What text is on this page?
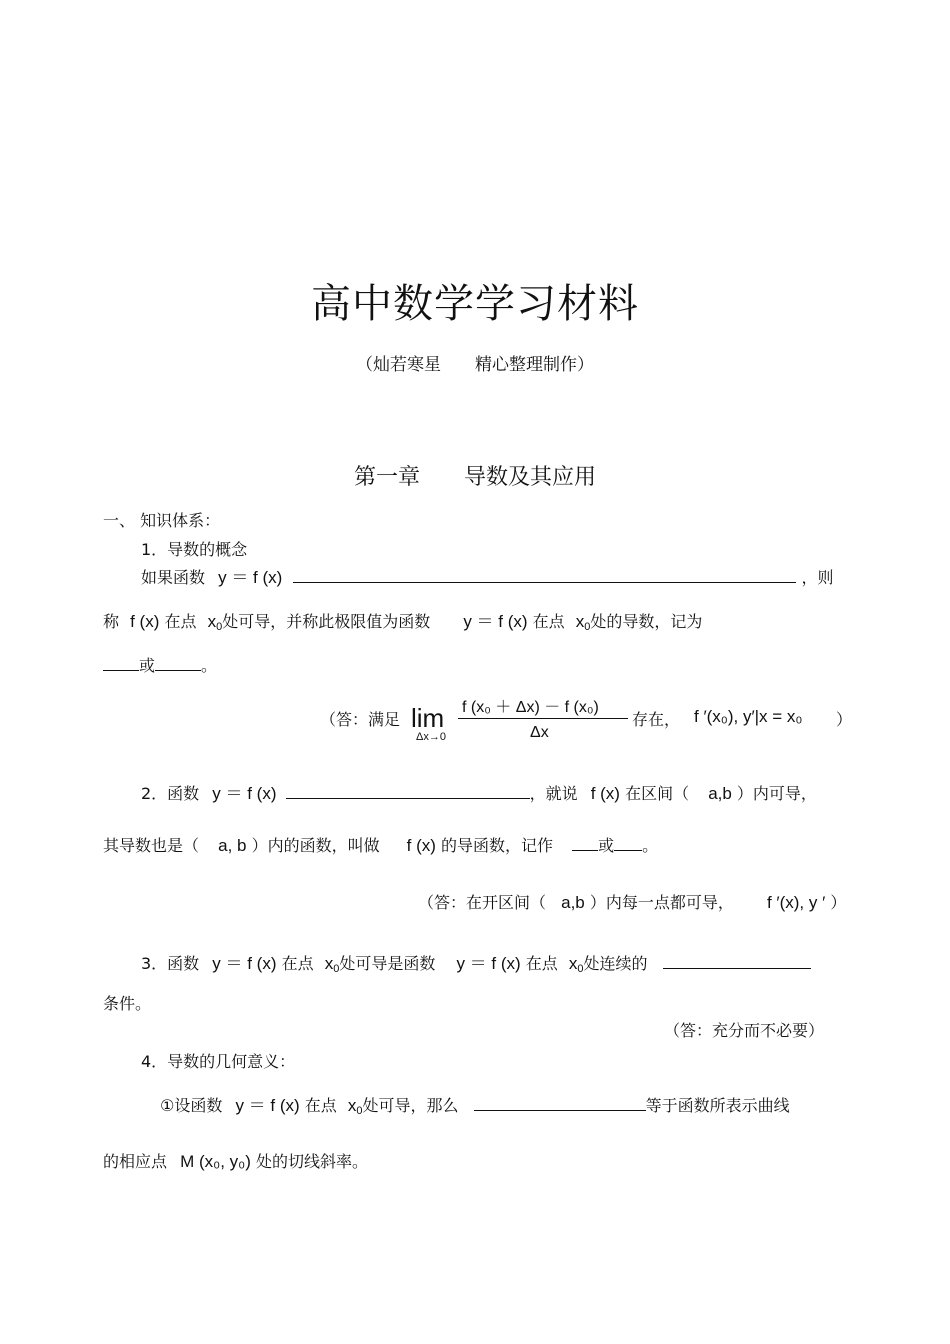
高中数学学习材料
（灿若寒星　　精心整理制作）
第一章　　导数及其应用
一、 知识体系：
1．导数的概念
如果函数 y ＝ f (x)	，则
称 f (x) 在点 $x_0$处可导，并称此极限值为函数 y ＝ f (x) 在点 $x_0$处的导数，记为
或	。
（答：满足 lim
Δx→0
f (x₀ ＋ Δx) － f (x₀)
Δx
存在， f ′(x₀), y′|x = x₀ ）
2．函数 y ＝ f (x)	，就说 f (x) 在区间（ a,b ）内可导，
其导数也是（ a, b ）内的函数，叫做 f (x) 的导函数，记作	或 。
（答：在开区间（ a,b ）内每一点都可导， f ′(x), y ′ ）
3．函数 y ＝ f (x) 在点 $x_0$处可导是函数 y ＝ f (x) 在点 $x_0$处连续的
条件。
（答：充分而不必要）
4．导数的几何意义：
①设函数 y ＝ f (x) 在点 $x_0$处可导，那么	等于函数所表示曲线
的相应点 M (x₀, y₀) 处的切线斜率。
